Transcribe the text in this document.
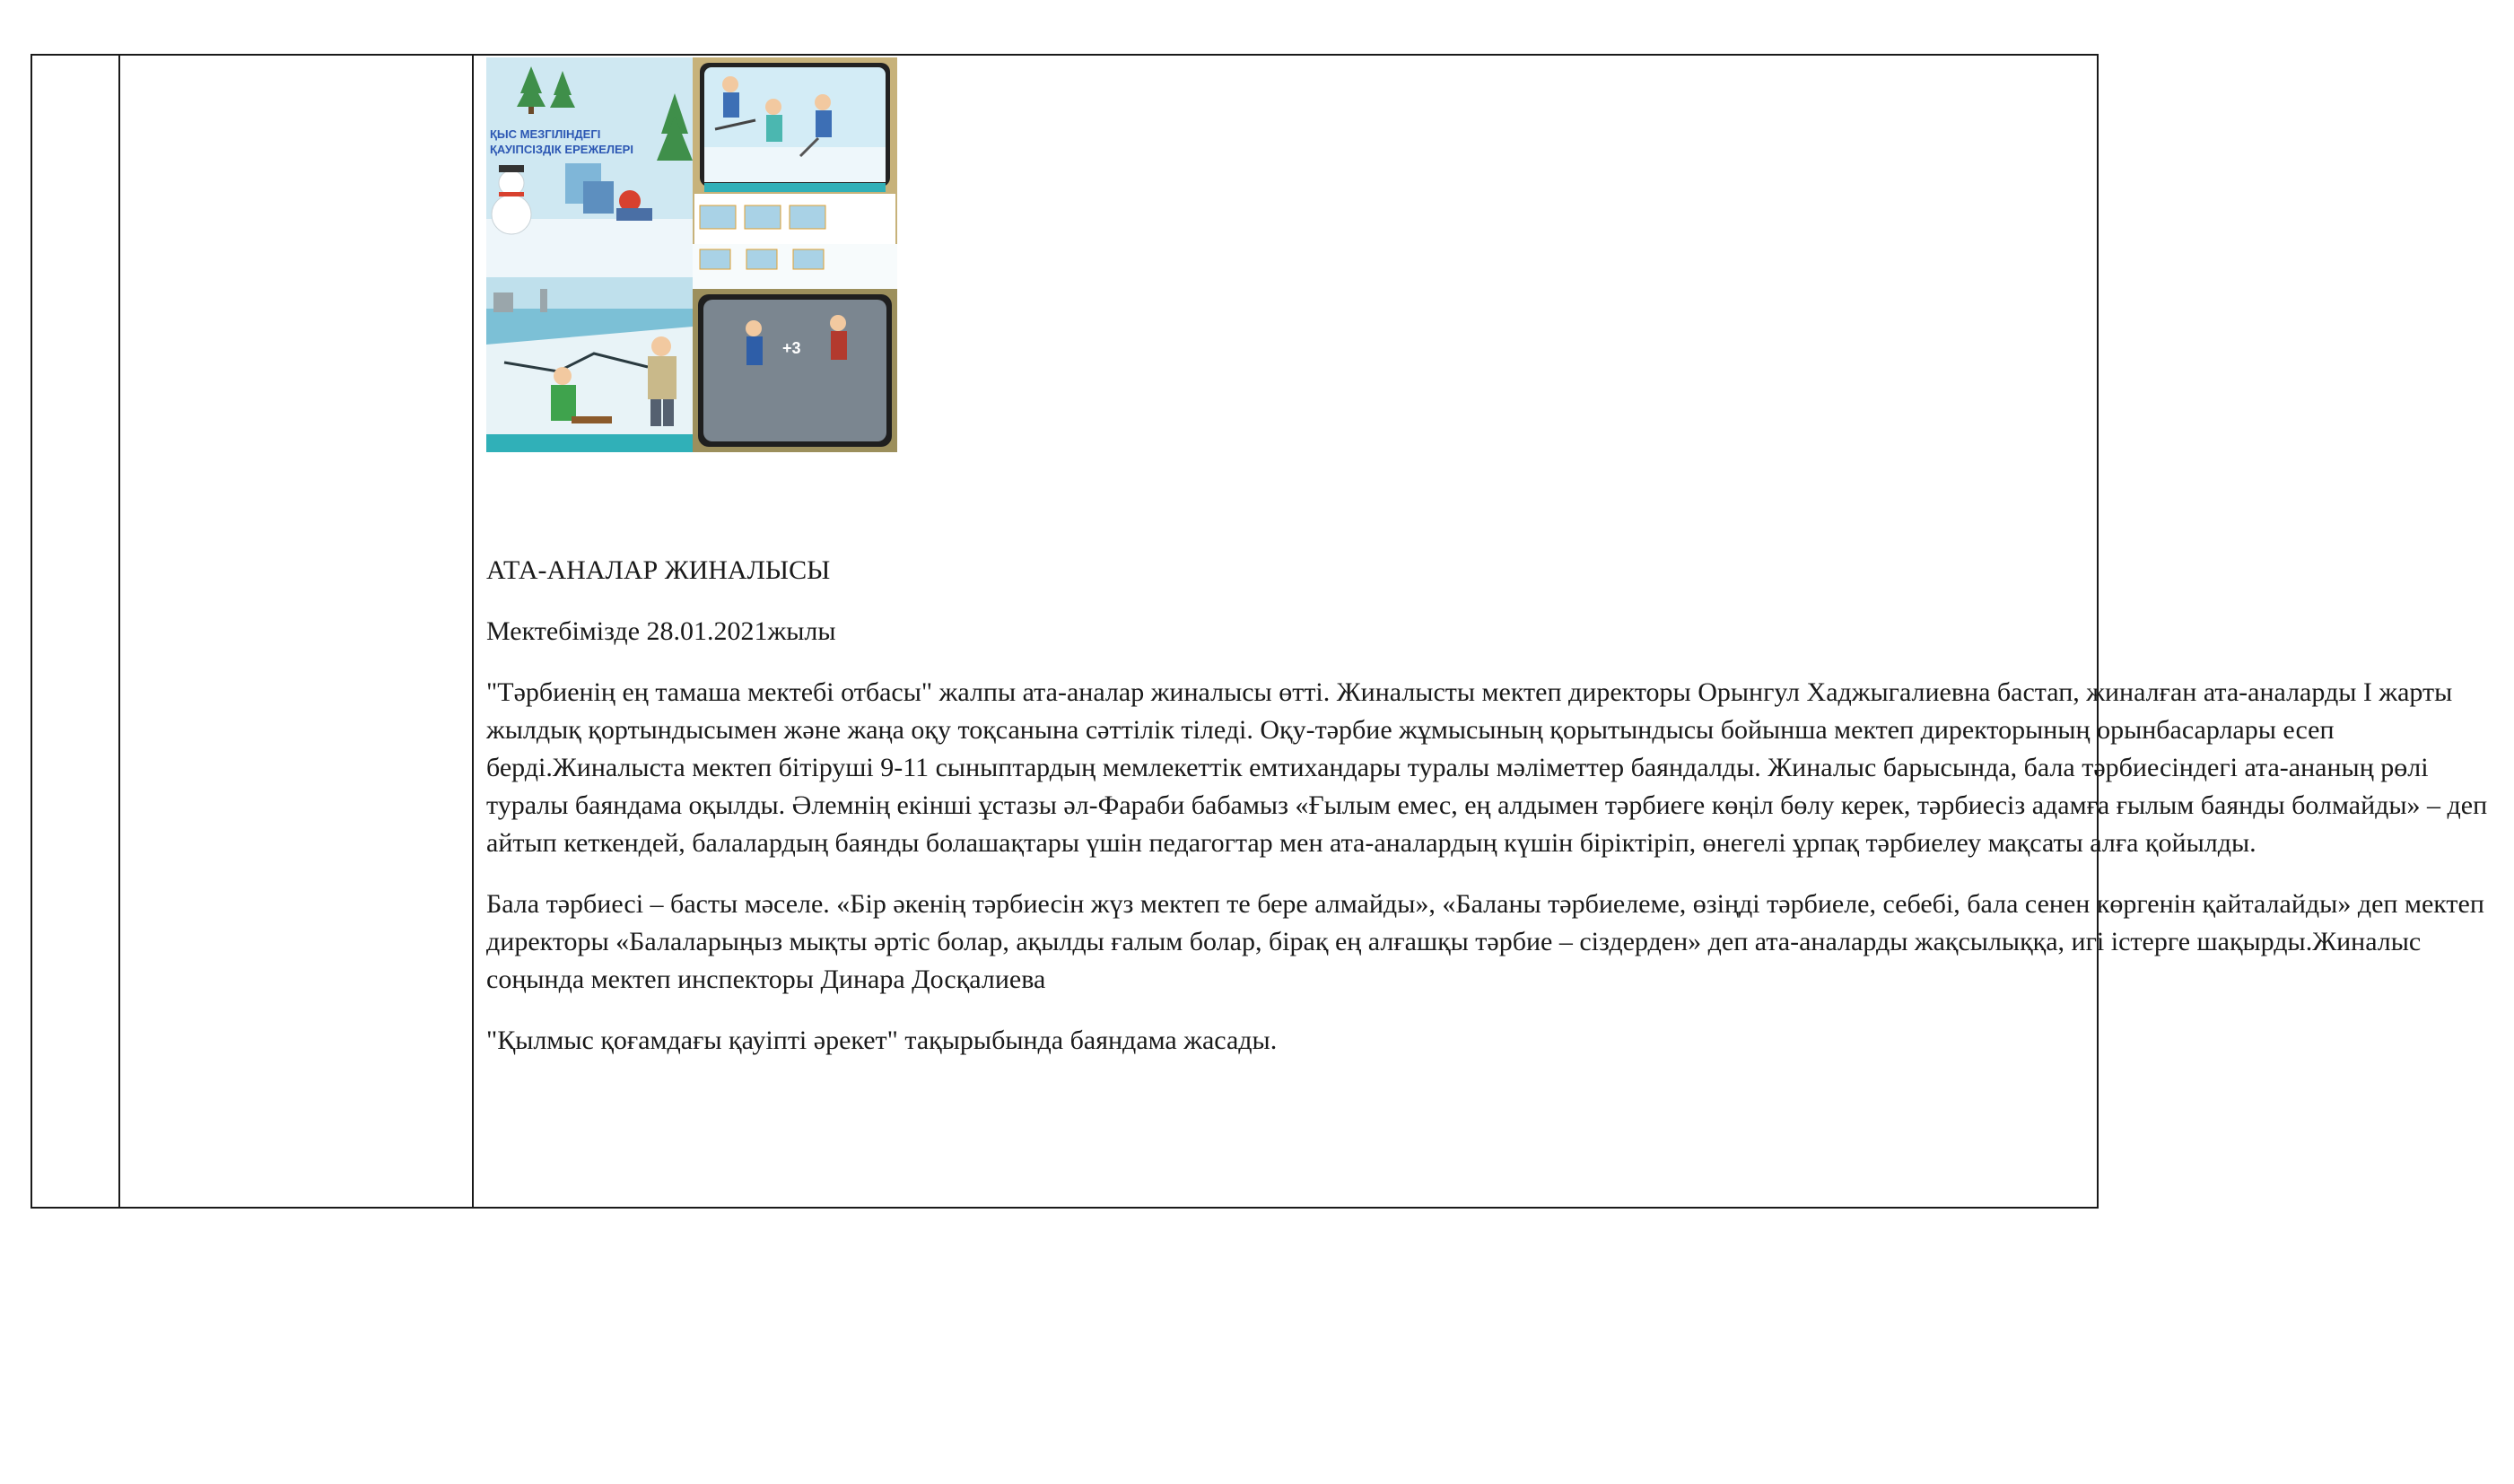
ҚЫС МЕЗГІЛІНДЕГІ
ҚАУІПСІЗДІК ЕРЕЖЕЛЕРІ
+3

АТА-АНАЛАР ЖИНАЛЫСЫ

Мектебімізде 28.01.2021жылы

"Тәрбиенің ең тамаша мектебі отбасы" жалпы ата-аналар жиналысы өтті. Жиналысты мектеп директоры Орынгул Хаджыгалиевна бастап, жиналған ата-аналарды І жарты жылдық қортындысымен және жаңа оқу тоқсанына сәттілік тіледі. Оқу-тәрбие жұмысының қорытындысы бойынша мектеп директорының орынбасарлары есеп берді.Жиналыста мектеп бітіруші 9-11 сыныптардың мемлекеттік емтихандары туралы мәліметтер баяндалды. Жиналыс барысында, бала тәрбиесіндегі ата-ананың рөлі туралы баяндама оқылды. Әлемнің екінші ұстазы әл-Фараби бабамыз «Ғылым емес, ең алдымен тәрбиеге көңіл бөлу керек, тәрбиесіз адамға ғылым баянды болмайды» – деп айтып кеткендей, балалардың баянды болашақтары үшін педагогтар мен ата-аналардың күшін біріктіріп, өнегелі ұрпақ тәрбиелеу мақсаты алға қойылды.

Бала тәрбиесі – басты мәселе. «Бір әкенің тәрбиесін жүз мектеп те бере алмайды», «Баланы тәрбиелеме, өзіңді тәрбиеле, себебі, бала сенен көргенін қайталайды» деп мектеп директоры «Балаларыңыз мықты әртіс болар, ақылды ғалым болар, бірақ ең алғашқы тәрбие – сіздерден» деп ата-аналарды жақсылыққа, игі істерге шақырды.Жиналыс соңында мектеп инспекторы Динара Досқалиева

"Қылмыс қоғамдағы қауіпті әрекет" тақырыбында баяндама жасады.
